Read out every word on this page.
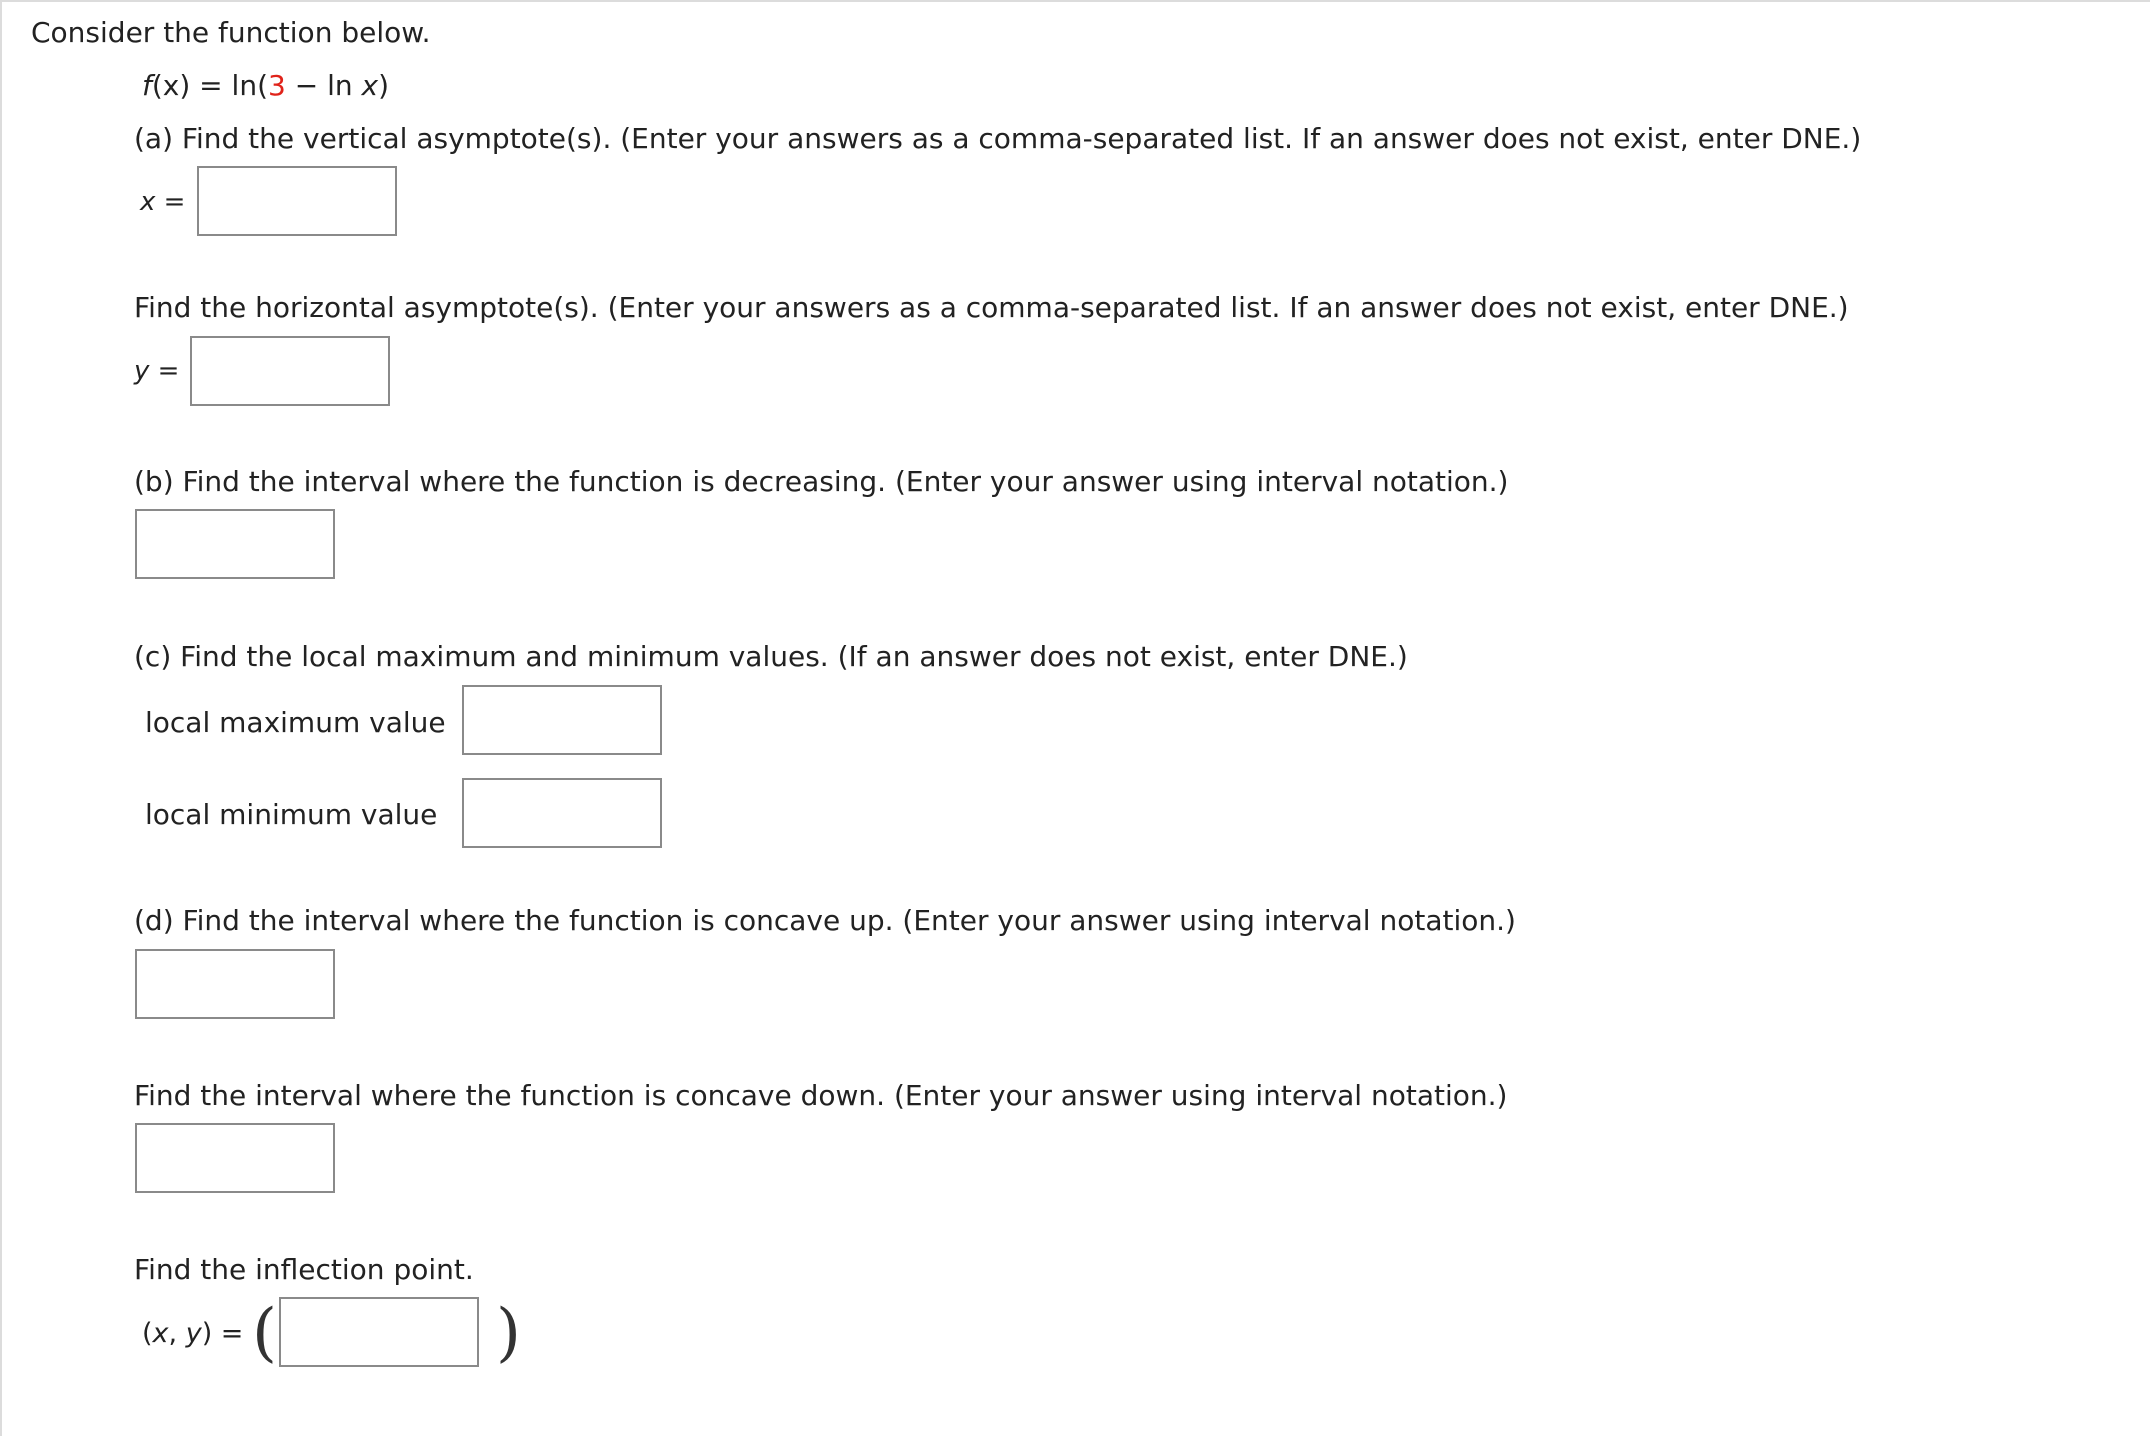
Consider the function below.
f(x) = ln(3 − ln x)
(a) Find the vertical asymptote(s). (Enter your answers as a comma-separated list. If an answer does not exist, enter DNE.)
x =
Find the horizontal asymptote(s). (Enter your answers as a comma-separated list. If an answer does not exist, enter DNE.)
y =
(b) Find the interval where the function is decreasing. (Enter your answer using interval notation.)
(c) Find the local maximum and minimum values. (If an answer does not exist, enter DNE.)
local maximum value
local minimum value
(d) Find the interval where the function is concave up. (Enter your answer using interval notation.)
Find the interval where the function is concave down. (Enter your answer using interval notation.)
Find the inflection point.
(x, y) = (	)
